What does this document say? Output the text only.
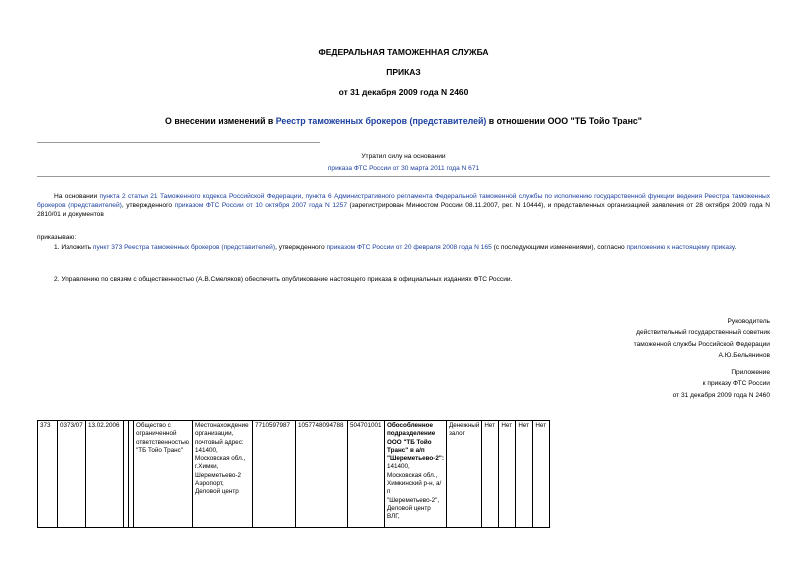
ФЕДЕРАЛЬНАЯ ТАМОЖЕННАЯ СЛУЖБА
ПРИКАЗ
от 31 декабря 2009 года N 2460
О внесении изменений в Реестр таможенных брокеров (представителей) в отношении ООО "ТБ Тойо Транс"
Утратил силу на основании
приказа ФТС России от 30 марта 2011 года N 671
На основании пункта 2 статьи 21 Таможенного кодекса Российской Федерации, пункта 6 Административного регламента Федеральной таможенной службы по исполнению государственной функции ведения Реестра таможенных брокеров (представителей), утвержденного приказом ФТС России от 10 октября 2007 года N 1257 (зарегистрирован Минюстом России 08.11.2007, рег. N 10444), и представленных организацией заявления от 28 октября 2009 года N 2810/01 и документов
приказываю:
1. Изложить пункт 373 Реестра таможенных брокеров (представителей), утвержденного приказом ФТС России от 20 февраля 2008 года N 165 (с последующими изменениями), согласно приложению к настоящему приказу.
2. Управлению по связям с общественностью (А.В.Смеляков) обеспечить опубликование настоящего приказа в официальных изданиях ФТС России.
Руководитель
действительный государственный советник
таможенной службы Российской Федерации
А.Ю.Бельянинов
Приложение
к приказу ФТС России
от 31 декабря 2009 года N 2460
373	0373/07	13.02.2006			Общество с ограниченной ответственностью "ТБ Тойо Транс"	Местонахождение организации, почтовый адрес: 141400, Московская обл., г.Химки, Шереметьево-2 Аэропорт, Деловой центр	7710597987	1057748094788	504701001	Обособленное подразделение ООО "ТБ Тойо Транс" в а/п "Шереметьево-2": 141400, Московская обл., Химкинский р-н, а/п "Шереметьево-2", Деловой центр ВЛГ,	Денежный залог	Нет	Нет	Нет	Нет
